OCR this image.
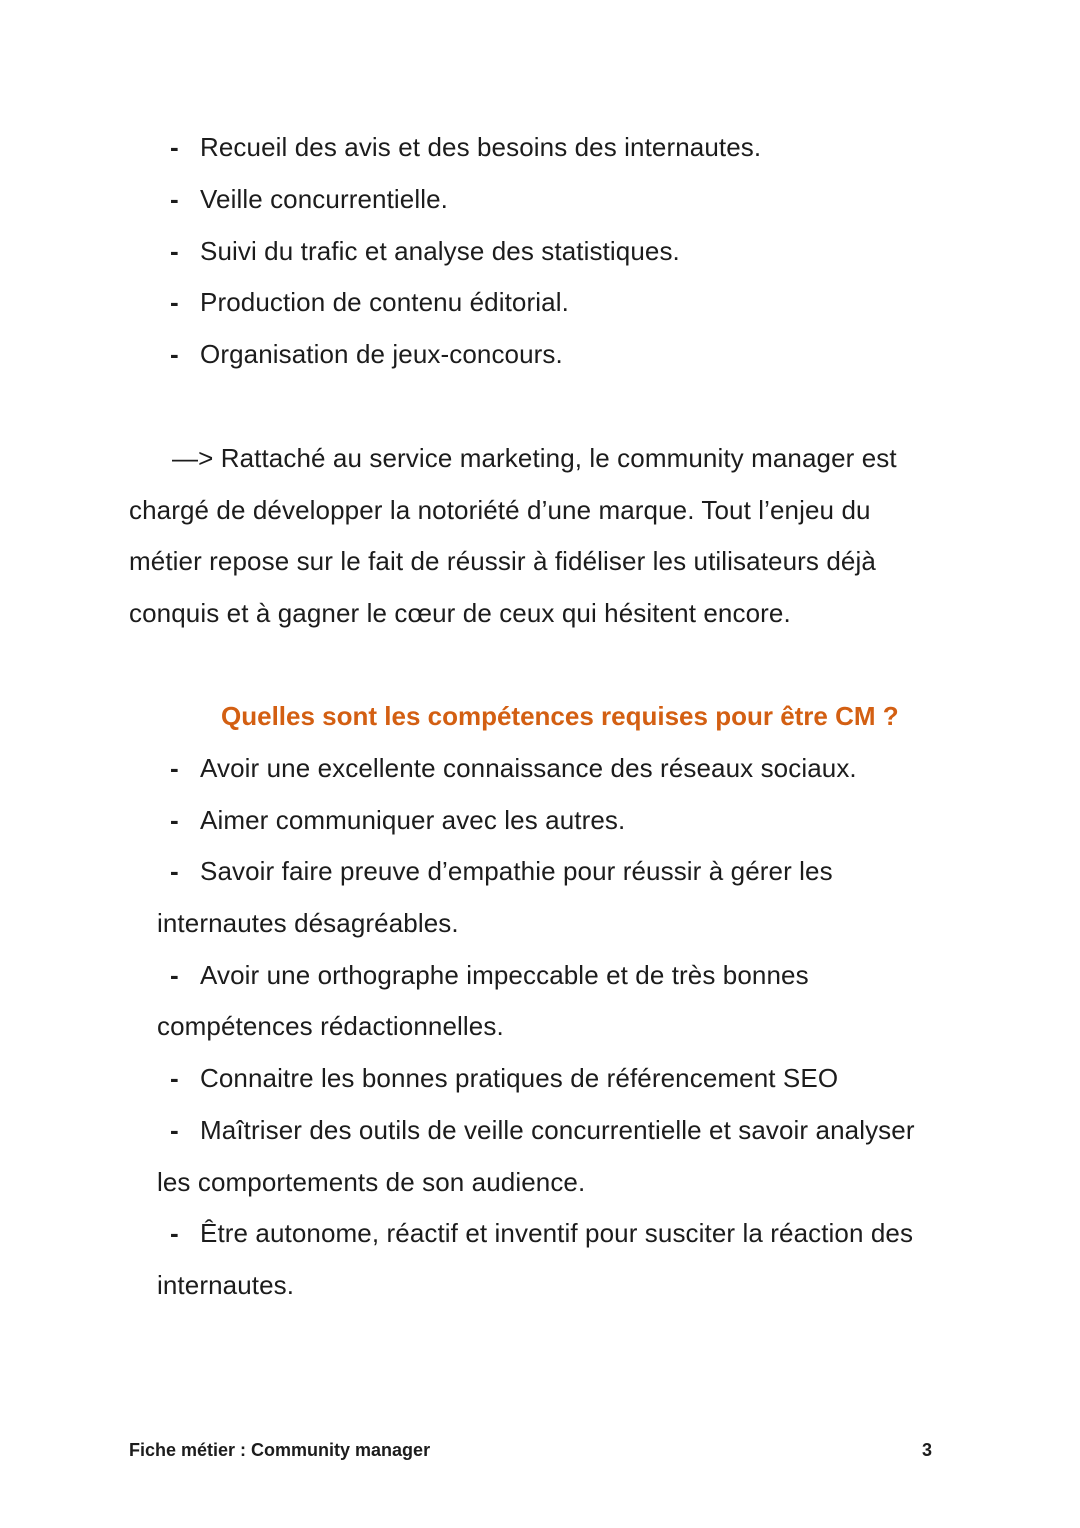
- Recueil des avis et des besoins des internautes.
- Veille concurrentielle.
- Suivi du trafic et analyse des statistiques.
- Production de contenu éditorial.
- Organisation de jeux-concours.
—> Rattaché au service marketing, le community manager est
chargé de développer la notoriété d’une marque. Tout l’enjeu du
métier repose sur le fait de réussir à fidéliser les utilisateurs déjà
conquis et à gagner le cœur de ceux qui hésitent encore.
Quelles sont les compétences requises pour être CM ?
- Avoir une excellente connaissance des réseaux sociaux.
- Aimer communiquer avec les autres.
- Savoir faire preuve d’empathie pour réussir à gérer les
internautes désagréables.
- Avoir une orthographe impeccable et de très bonnes
compétences rédactionnelles.
- Connaitre les bonnes pratiques de référencement SEO
- Maîtriser des outils de veille concurrentielle et savoir analyser
les comportements de son audience.
- Être autonome, réactif et inventif pour susciter la réaction des
internautes.
Fiche métier : Community manager	3
